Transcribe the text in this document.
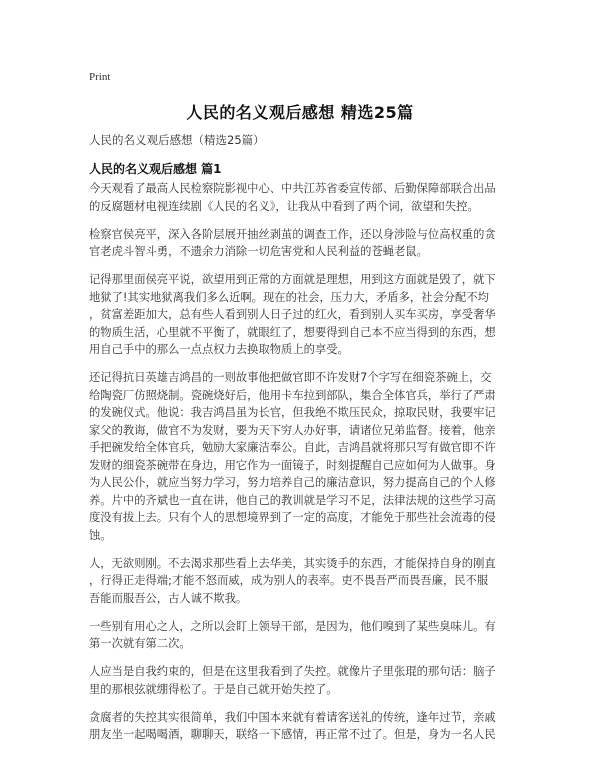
Print
人民的名义观后感想 精选25篇
人民的名义观后感想（精选25篇）
人民的名义观后感想 篇1
今天观看了最高人民检察院影视中心、中共江苏省委宣传部、后勤保障部联合出品
的反腐题材电视连续剧《人民的名义》，让我从中看到了两个词，欲望和失控。
检察官侯亮平，深入各阶层展开抽丝剥茧的调查工作，还以身涉险与位高权重的贪
官老虎斗智斗勇，不遗余力消除一切危害党和人民利益的苍蝇老鼠。
记得那里面侯亮平说，欲望用到正常的方面就是理想，用到这方面就是毁了，就下
地狱了!其实地狱离我们多么近啊。现在的社会，压力大，矛盾多，社会分配不均
，贫富差距加大，总有些人看到别人日子过的红火，看到别人买车买房，享受奢华
的物质生活，心里就不平衡了，就眼红了，想要得到自己本不应当得到的东西，想
用自己手中的那么一点点权力去换取物质上的享受。
还记得抗日英雄吉鸿昌的一则故事他把做官即不许发财7个字写在细瓷茶碗上，交
给陶瓷厂仿照烧制。瓷碗烧好后，他用卡车拉到部队，集合全体官兵，举行了严肃
的发碗仪式。他说：我吉鸿昌虽为长官，但我绝不欺压民众，掠取民财，我要牢记
家父的教诲，做官不为发财，要为天下穷人办好事，请诸位兄弟监督。接着，他亲
手把碗发给全体官兵，勉励大家廉洁奉公。自此，吉鸿昌就将那只写有做官即不许
发财的细瓷茶碗带在身边，用它作为一面镜子，时刻提醒自己应如何为人做事。身
为人民公仆，就应当努力学习，努力培养自己的廉洁意识，努力提高自己的个人修
养。片中的齐斌也一直在讲，他自己的教训就是学习不足，法律法规的这些学习高
度没有拔上去。只有个人的思想境界到了一定的高度，才能免于那些社会流毒的侵
蚀。
人，无欲则刚。不去渴求那些看上去华美，其实烫手的东西，才能保持自身的刚直
，行得正走得端;才能不怒而威，成为别人的表率。吏不畏吾严而畏吾廉，民不服
吾能而服吾公，古人诚不欺我。
一些别有用心之人，之所以会盯上领导干部，是因为，他们嗅到了某些臭味儿。有
第一次就有第二次。
人应当是自我约束的，但是在这里我看到了失控。就像片子里张琨的那句话：脑子
里的那根弦就绷得松了。于是自己就开始失控了。
贪腐者的失控其实很简单，我们中国本来就有着请客送礼的传统，逢年过节，亲戚
朋友坐一起喝喝酒，聊聊天，联络一下感情，再正常不过了。但是，身为一名人民
